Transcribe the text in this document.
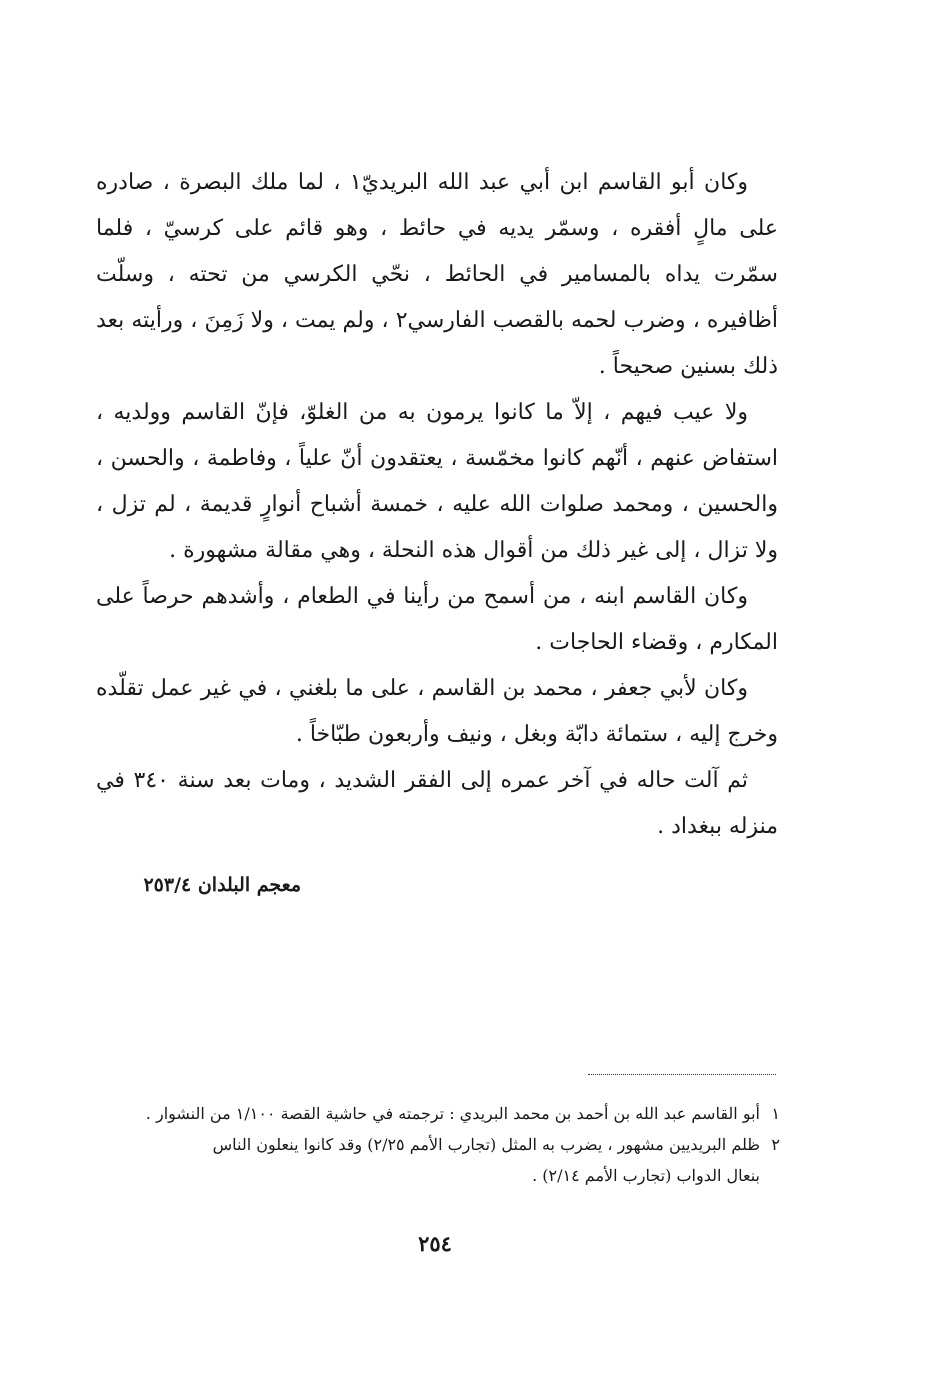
وكان أبو القاسم ابن أبي عبد الله البريديّ١ ، لما ملك البصرة ، صادره على مالٍ أفقره ، وسمّر يديه في حائط ، وهو قائم على كرسيّ ، فلما سمّرت يداه بالمسامير في الحائط ، نحّي الكرسي من تحته ، وسلّت أظافيره ، وضرب لحمه بالقصب الفارسي٢ ، ولم يمت ، ولا زَمِنَ ، ورأيته بعد ذلك بسنين صحيحاً .

ولا عيب فيهم ، إلاّ ما كانوا يرمون به من الغلوّ، فإنّ القاسم وولديه ، استفاض عنهم ، أنّهم كانوا مخمّسة ، يعتقدون أنّ علياً ، وفاطمة ، والحسن ، والحسين ، ومحمد صلوات الله عليه ، خمسة أشباح أنوارٍ قديمة ، لم تزل ، ولا تزال ، إلى غير ذلك من أقوال هذه النحلة ، وهي مقالة مشهورة .

وكان القاسم ابنه ، من أسمح من رأينا في الطعام ، وأشدهم حرصاً على المكارم ، وقضاء الحاجات .

وكان لأبي جعفر ، محمد بن القاسم ، على ما بلغني ، في غير عمل تقلّده وخرج إليه ، ستمائة دابّة وبغل ، ونيف وأربعون طبّاخاً .

ثم آلت حاله في آخر عمره إلى الفقر الشديد ، ومات بعد سنة ٣٤٠ في منزله ببغداد .

معجم البلدان ٢٥٣/٤

١أبو القاسم عبد الله بن أحمد بن محمد البريدي : ترجمته في حاشية القصة ١/١٠٠ من النشوار .

٢ظلم البريديين مشهور ، يضرب به المثل (تجارب الأمم ٢/٢٥) وقد كانوا ينعلون الناس

بنعال الدواب (تجارب الأمم ٢/١٤) .

٢٥٤
